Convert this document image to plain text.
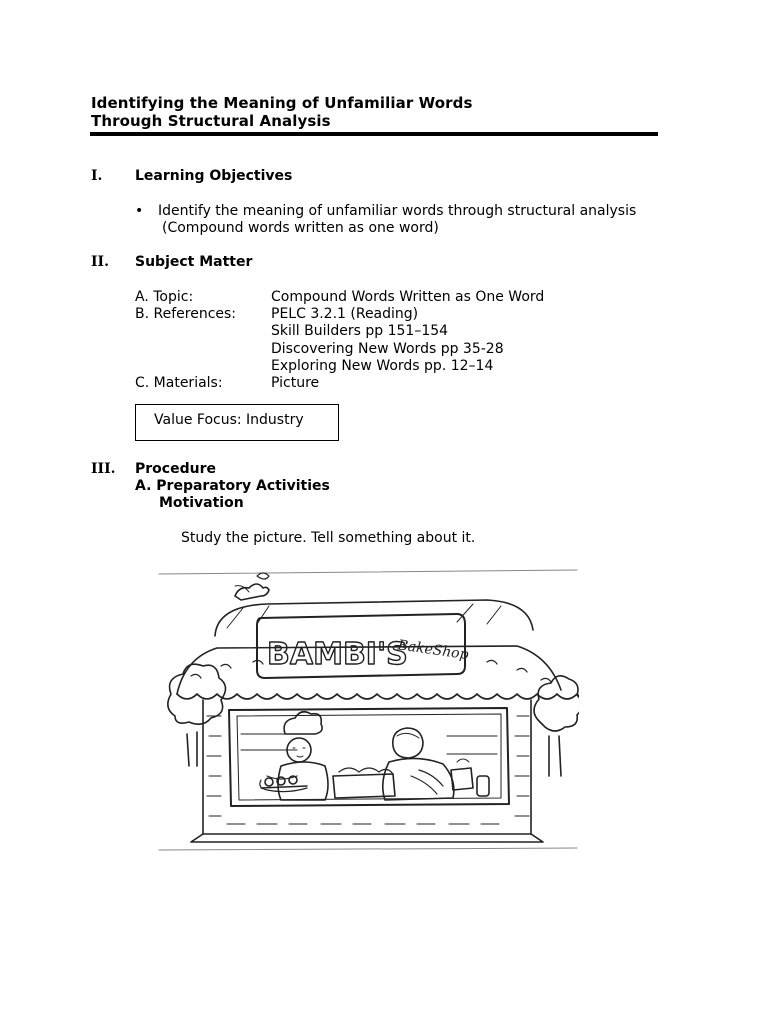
Identifying the Meaning of Unfamiliar Words
Through Structural Analysis
I. Learning Objectives
• Identify the meaning of unfamiliar words through structural analysis
(Compound words written as one word)
II. Subject Matter
A. Topic:	Compound Words Written as One Word
B. References: PELC 3.2.1 (Reading)
Skill Builders pp 151–154
Discovering New Words pp 35-28
Exploring New Words pp. 12–14
C. Materials:	Picture
Value Focus: Industry
III. Procedure
A. Preparatory Activities
Motivation
Study the picture. Tell something about it.
BAMBI'S
BakeShop
